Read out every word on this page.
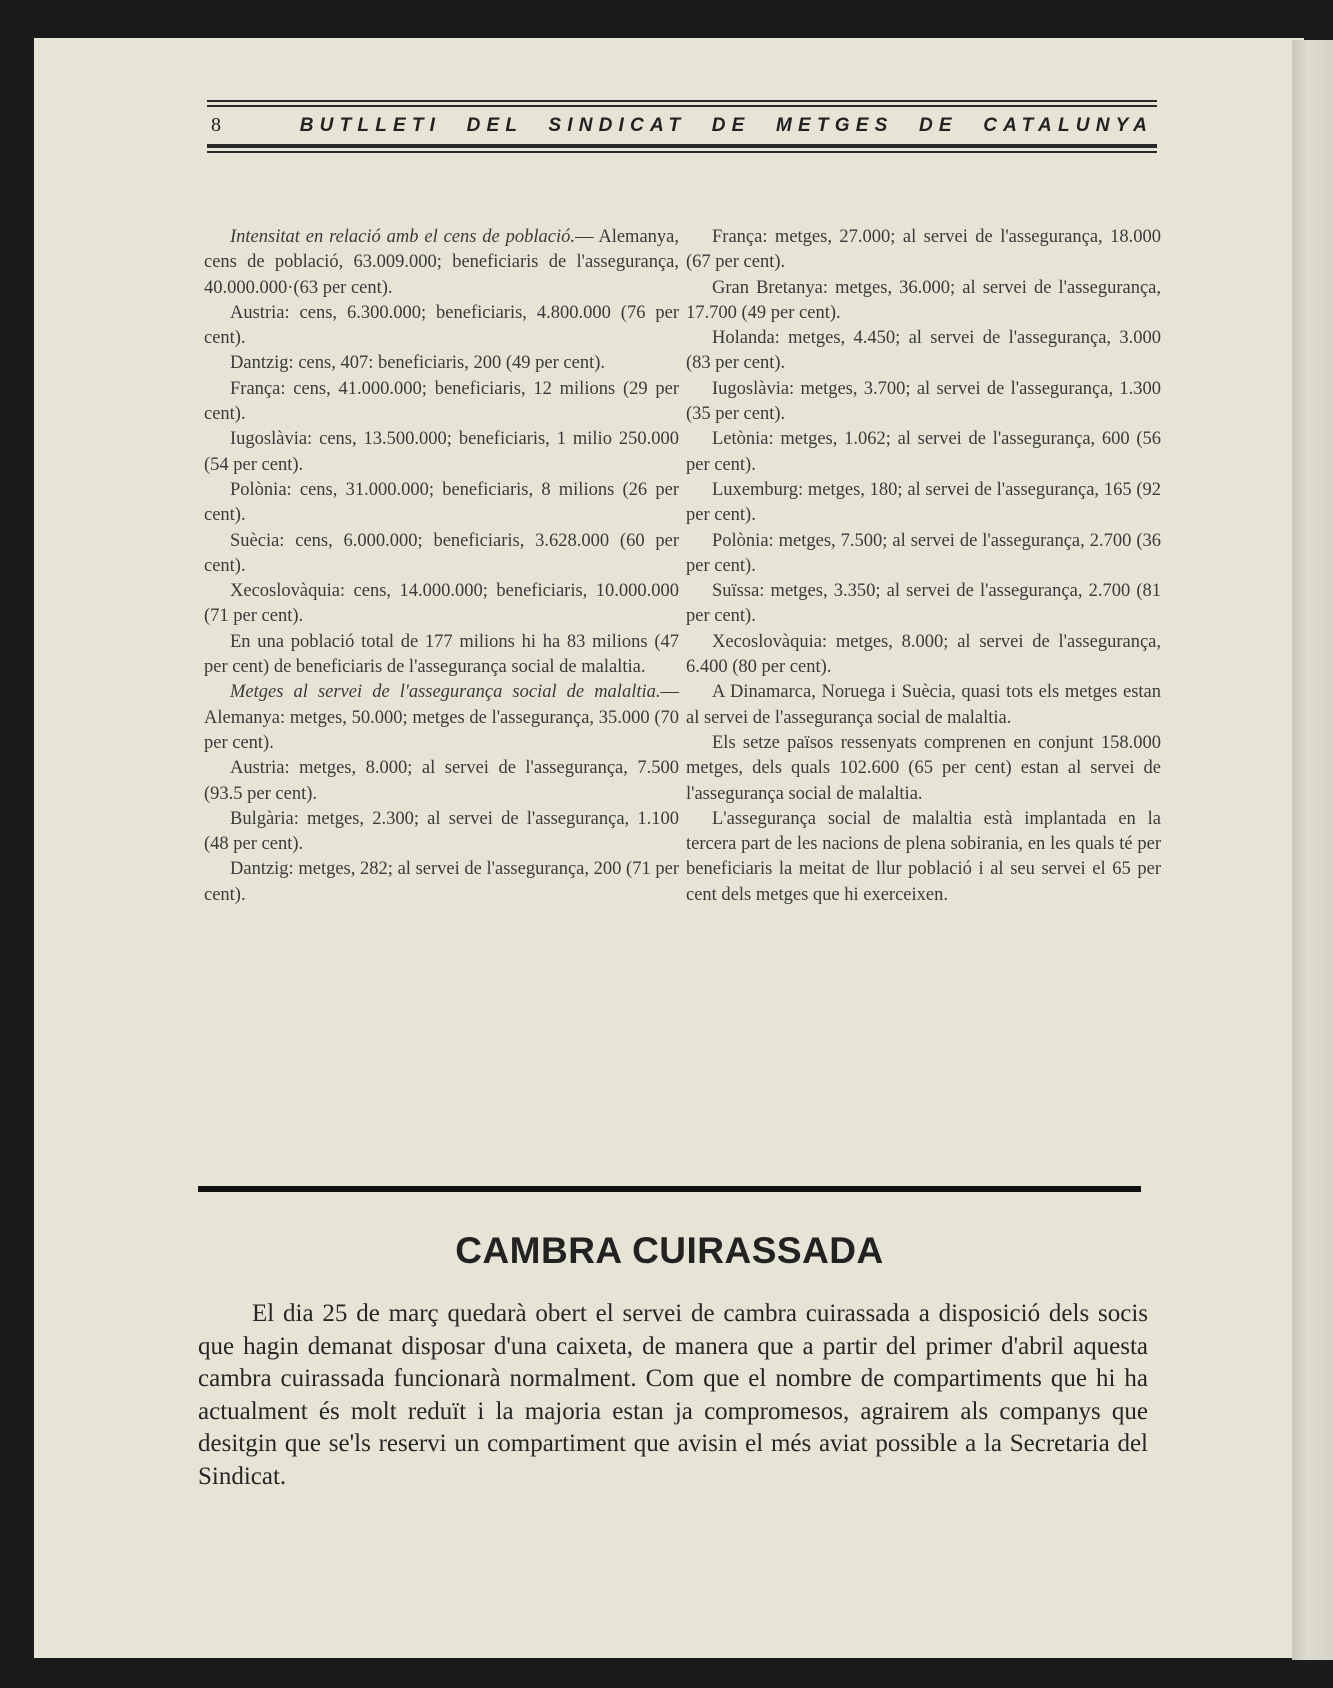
8	BUTLLETI DEL SINDICAT DE METGES DE CATALUNYA

Intensitat en relació amb el cens de població.— Alemanya, cens de població, 63.009.000; beneficiaris de l'assegurança, 40.000.000·(63 per cent).

Austria: cens, 6.300.000; beneficiaris, 4.800.000 (76 per cent).

Dantzig: cens, 407: beneficiaris, 200 (49 per cent).

França: cens, 41.000.000; beneficiaris, 12 milions (29 per cent).

Iugoslàvia: cens, 13.500.000; beneficiaris, 1 milio 250.000 (54 per cent).

Polònia: cens, 31.000.000; beneficiaris, 8 milions (26 per cent).

Suècia: cens, 6.000.000; beneficiaris, 3.628.000 (60 per cent).

Xecoslovàquia: cens, 14.000.000; beneficiaris, 10.000.000 (71 per cent).

En una població total de 177 milions hi ha 83 milions (47 per cent) de beneficiaris de l'assegurança social de malaltia.

Metges al servei de l'assegurança social de malaltia.—Alemanya: metges, 50.000; metges de l'assegurança, 35.000 (70 per cent).

Austria: metges, 8.000; al servei de l'assegurança, 7.500 (93.5 per cent).

Bulgària: metges, 2.300; al servei de l'assegurança, 1.100 (48 per cent).

Dantzig: metges, 282; al servei de l'assegurança, 200 (71 per cent).

França: metges, 27.000; al servei de l'assegurança, 18.000 (67 per cent).

Gran Bretanya: metges, 36.000; al servei de l'assegurança, 17.700 (49 per cent).

Holanda: metges, 4.450; al servei de l'assegurança, 3.000 (83 per cent).

Iugoslàvia: metges, 3.700; al servei de l'assegurança, 1.300 (35 per cent).

Letònia: metges, 1.062; al servei de l'assegurança, 600 (56 per cent).

Luxemburg: metges, 180; al servei de l'assegurança, 165 (92 per cent).

Polònia: metges, 7.500; al servei de l'assegurança, 2.700 (36 per cent).

Suïssa: metges, 3.350; al servei de l'assegurança, 2.700 (81 per cent).

Xecoslovàquia: metges, 8.000; al servei de l'assegurança, 6.400 (80 per cent).

A Dinamarca, Noruega i Suècia, quasi tots els metges estan al servei de l'assegurança social de malaltia.

Els setze països ressenyats comprenen en conjunt 158.000 metges, dels quals 102.600 (65 per cent) estan al servei de l'assegurança social de malaltia.

L'assegurança social de malaltia està implantada en la tercera part de les nacions de plena sobirania, en les quals té per beneficiaris la meitat de llur població i al seu servei el 65 per cent dels metges que hi exerceixen.

CAMBRA CUIRASSADA

El dia 25 de març quedarà obert el servei de cambra cuirassada a disposició dels socis que hagin demanat disposar d'una caixeta, de manera que a partir del primer d'abril aquesta cambra cuirassada funcionarà normalment. Com que el nombre de compartiments que hi ha actualment és molt reduït i la majoria estan ja compromesos, agrairem als companys que desitgin que se'ls reservi un compartiment que avisin el més aviat possible a la Secretaria del Sindicat.
